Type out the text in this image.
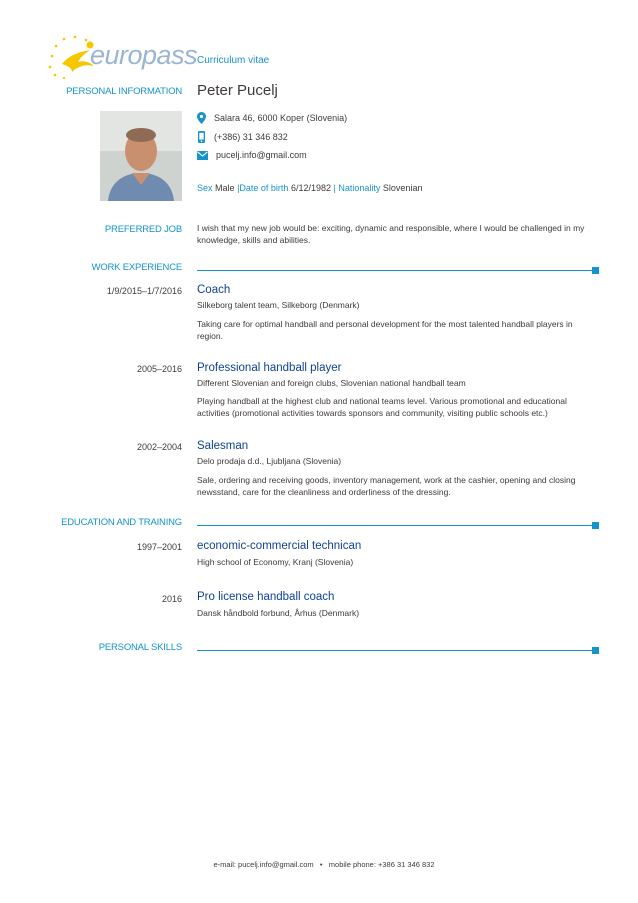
europass Curriculum vitae
PERSONAL INFORMATION Peter Pucelj
Salara 46, 6000 Koper (Slovenia)
(+386) 31 346 832
pucelj.info@gmail.com
Sex Male |Date of birth 6/12/1982 | Nationality Slovenian
PREFERRED JOB I wish that my new job would be: exciting, dynamic and responsible, where I would be challenged in my knowledge, skills and abilities.
WORK EXPERIENCE
1/9/2015–1/7/2016 Coach
Silkeborg talent team, Silkeborg (Denmark)
Taking care for optimal handball and personal development for the most talented handball players in region.
2005–2016 Professional handball player
Different Slovenian and foreign clubs, Slovenian national handball team
Playing handball at the highest club and national teams level. Various promotional and educational activities (promotional activities towards sponsors and community, visiting public schools etc.)
2002–2004 Salesman
Delo prodaja d.d., Ljubljana (Slovenia)
Sale, ordering and receiving goods, inventory management, work at the cashier, opening and closing newsstand, care for the cleanliness and orderliness of the dressing.
EDUCATION AND TRAINING
1997–2001 economic-commercial technican
High school of Economy, Kranj (Slovenia)
2016 Pro license handball coach
Dansk håndbold forbund, Århus (Denmark)
PERSONAL SKILLS
e-mail: pucelj.info@gmail.com • mobile phone: +386 31 346 832
